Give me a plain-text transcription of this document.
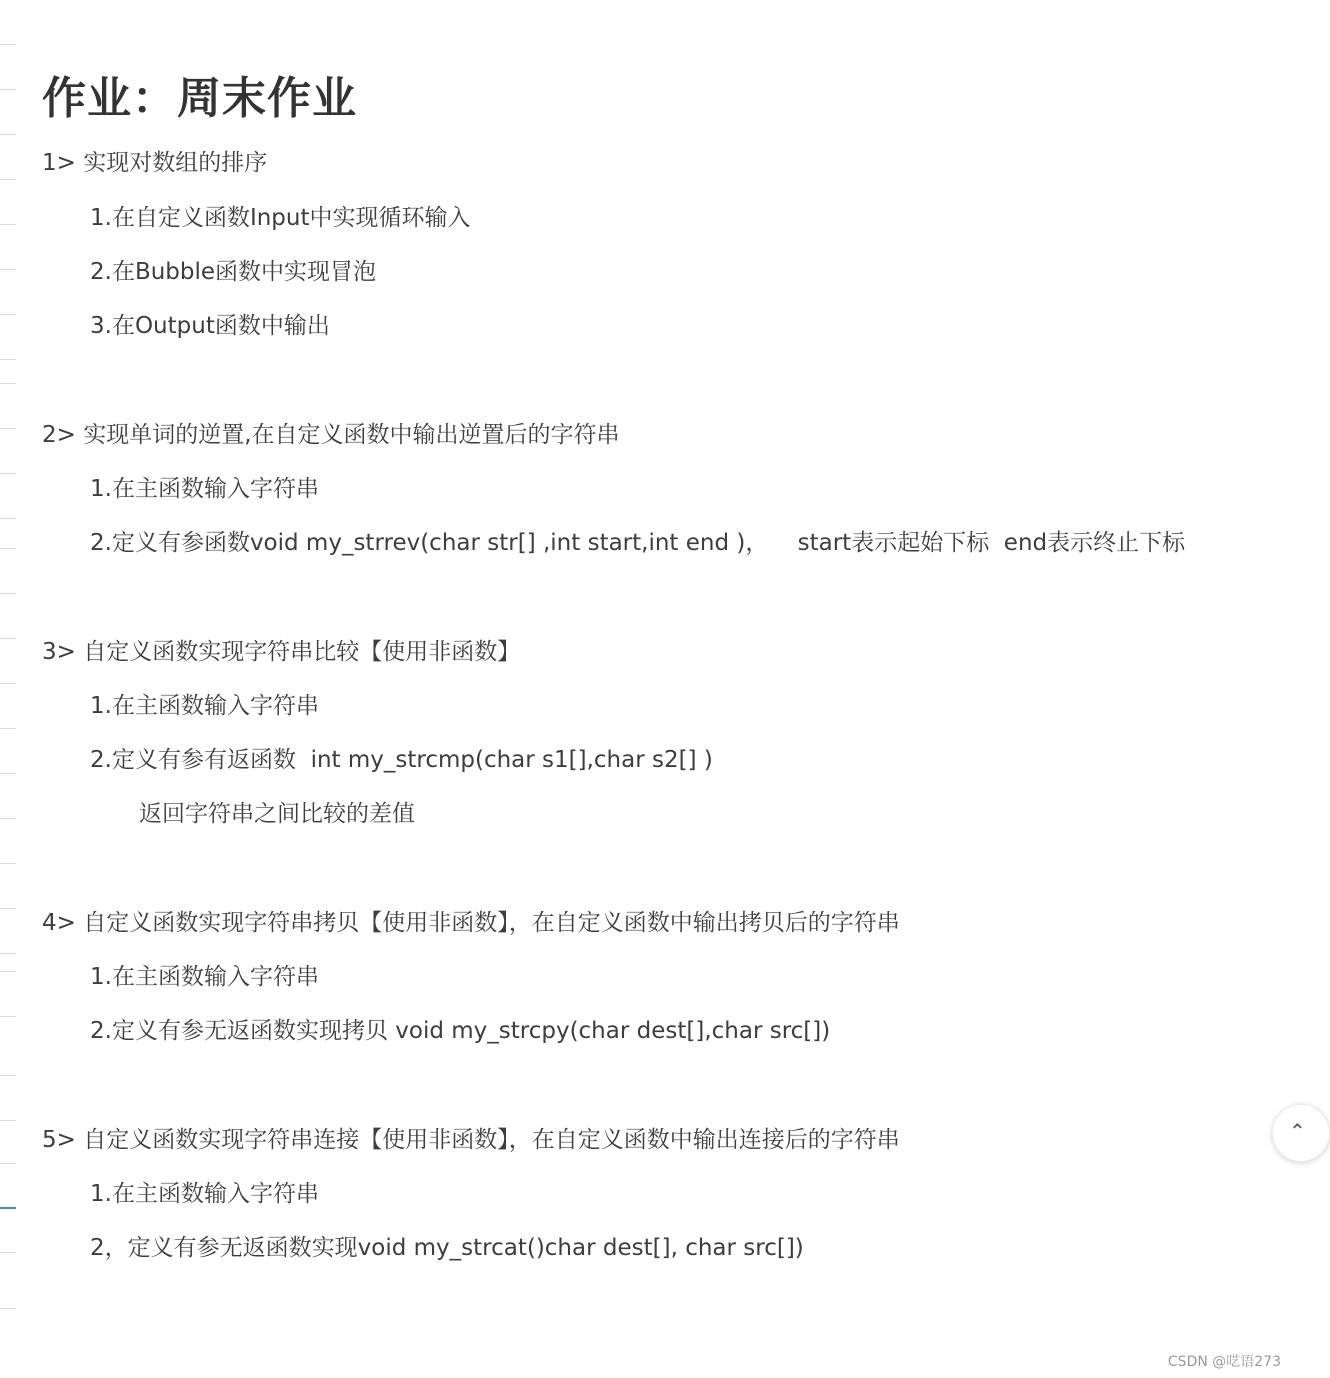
作业：周末作业
1> 实现对数组的排序
1.在自定义函数Input中实现循环输入
2.在Bubble函数中实现冒泡
3.在Output函数中输出
2> 实现单词的逆置,在自定义函数中输出逆置后的字符串
1.在主函数输入字符串
2.定义有参函数void my_strrev(char str[] ,int start,int end )，    start表示起始下标  end表示终止下标
3> 自定义函数实现字符串比较【使用非函数】
1.在主函数输入字符串
2.定义有参有返函数  int my_strcmp(char s1[],char s2[] )
返回字符串之间比较的差值
4> 自定义函数实现字符串拷贝【使用非函数】，在自定义函数中输出拷贝后的字符串
1.在主函数输入字符串
2.定义有参无返函数实现拷贝 void my_strcpy(char dest[],char src[])
5> 自定义函数实现字符串连接【使用非函数】，在自定义函数中输出连接后的字符串
1.在主函数输入字符串
2，定义有参无返函数实现void my_strcat()char dest[], char src[])
⌃
CSDN @呓语273
